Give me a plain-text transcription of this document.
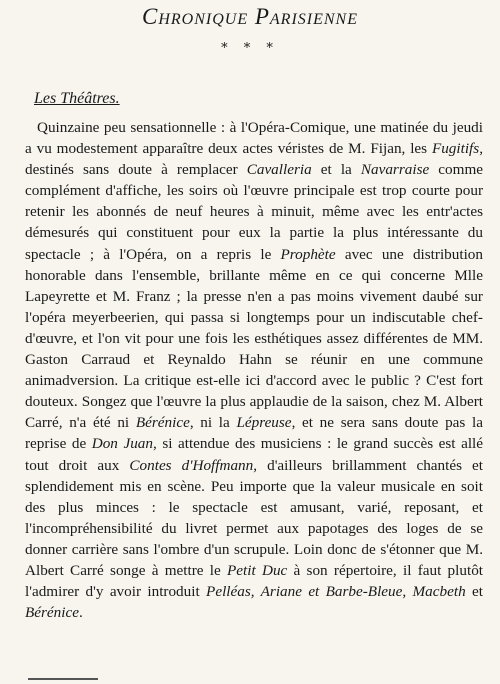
Chronique Parisienne
* * *
Les Théâtres.
Quinzaine peu sensationnelle : à l'Opéra-Comique, une matinée du jeudi a vu modestement apparaître deux actes véristes de M. Fijan, les Fugitifs, destinés sans doute à remplacer Cavalleria et la Navarraise comme complément d'affiche, les soirs où l'œuvre principale est trop courte pour retenir les abonnés de neuf heures à minuit, même avec les entr'actes démesurés qui constituent pour eux la partie la plus intéressante du spectacle ; à l'Opéra, on a repris le Prophète avec une distribution honorable dans l'ensemble, brillante même en ce qui concerne Mlle Lapeyrette et M. Franz ; la presse n'en a pas moins vivement daubé sur l'opéra meyerbeerien, qui passa si longtemps pour un indiscutable chef-d'œuvre, et l'on vit pour une fois les esthétiques assez différentes de MM. Gaston Carraud et Reynaldo Hahn se réunir en une commune animadversion. La critique est-elle ici d'accord avec le public ? C'est fort douteux. Songez que l'œuvre la plus applaudie de la saison, chez M. Albert Carré, n'a été ni Bérénice, ni la Lépreuse, et ne sera sans doute pas la reprise de Don Juan, si attendue des musiciens : le grand succès est allé tout droit aux Contes d'Hoffmann, d'ailleurs brillamment chantés et splendidement mis en scène. Peu importe que la valeur musicale en soit des plus minces : le spectacle est amusant, varié, reposant, et l'incompréhensibilité du livret permet aux papotages des loges de se donner carrière sans l'ombre d'un scrupule. Loin donc de s'étonner que M. Albert Carré songe à mettre le Petit Duc à son répertoire, il faut plutôt l'admirer d'y avoir introduit Pelléas, Ariane et Barbe-Bleue, Macbeth et Bérénice.
